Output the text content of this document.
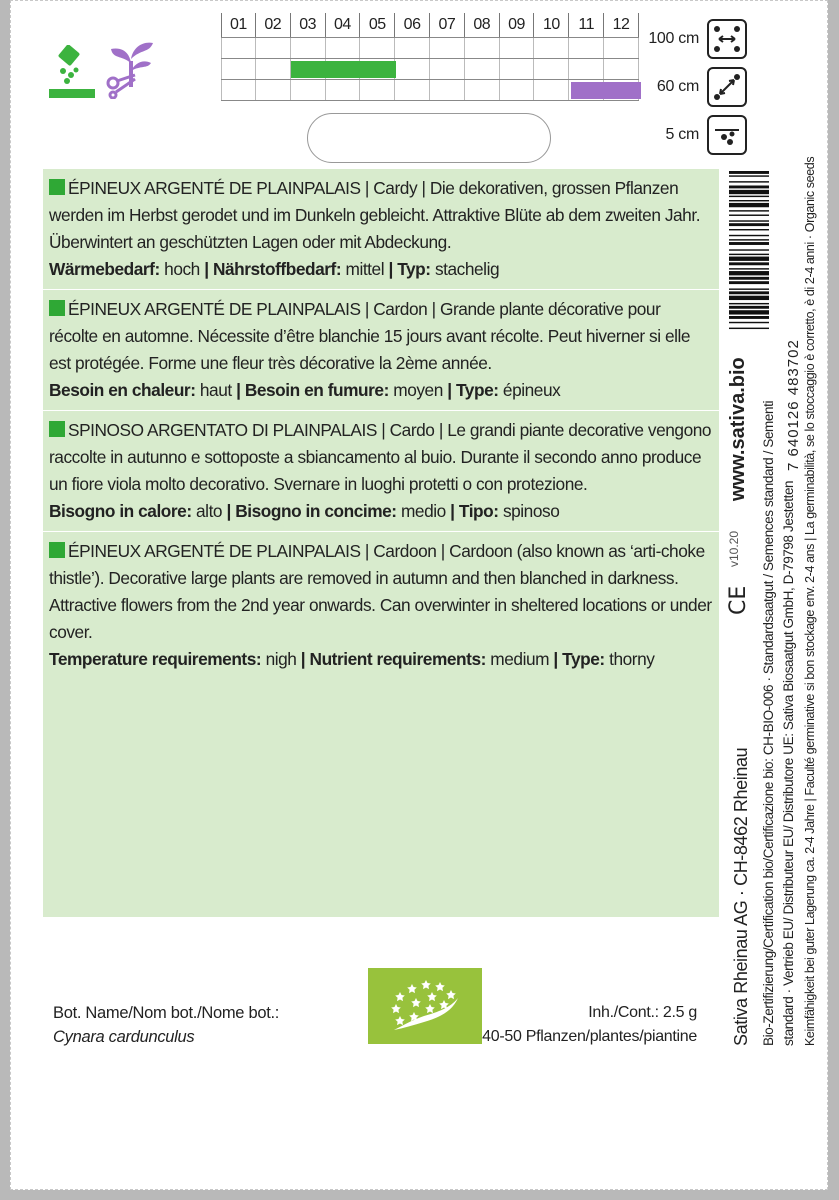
01	02	03	04	05	06	07	08	09	10	11	12
100 cm
60 cm
5 cm
ÉPINEUX ARGENTÉ DE PLAINPALAIS | Cardy | Die dekorativen, grossen Pflanzen werden im Herbst gerodet und im Dunkeln gebleicht. Attraktive Blüte ab dem zweiten Jahr. Überwintert an geschützten Lagen oder mit Abdeckung.
Wärmebedarf: hoch | Nährstoffbedarf: mittel | Typ: stachelig
ÉPINEUX ARGENTÉ DE PLAINPALAIS | Cardon | Grande plante décorative pour récolte en automne. Nécessite d’être blanchie 15 jours avant récolte. Peut hiverner si elle est protégée. Forme une fleur très décorative la 2ème année.
Besoin en chaleur: haut | Besoin en fumure: moyen | Type: épineux
SPINOSO ARGENTATO DI PLAINPALAIS | Cardo | Le grandi piante decorative vengono raccolte in autunno e sottoposte a sbiancamento al buio. Durante il secondo anno produce un fiore viola molto decorativo. Svernare in luoghi protetti o con protezione.
Bisogno in calore: alto | Bisogno in concime: medio | Tipo: spinoso
ÉPINEUX ARGENTÉ DE PLAINPALAIS | Cardoon | Cardoon (also known as ‘arti-choke thistle’). Decorative large plants are removed in autumn and then blanched in darkness. Attractive flowers from the 2nd year onwards. Can overwinter in sheltered locations or under cover.
Temperature requirements: nigh | Nutrient requirements: medium | Type: thorny
Bot. Name/Nom bot./Nome bot.:
Cynara cardunculus
Inh./Cont.: 2.5 g
40-50 Pflanzen/plantes/piantine
7 640126 483702
www.sativa.bio
v10.20
CE
Sativa Rheinau AG · CH-8462 Rheinau Bio-Zertifizierung/Certification bio/Certificazione bio: CH-BIO-006 · Standardsaatgut / Semences standard / Sementi standard · Vertrieb EU/ Distributeur EU/ Distributore UE: Sativa Biosaatgut GmbH, D-79798 Jestetten Keimfähigkeit bei guter Lagerung ca. 2-4 Jahre | Faculté germinative si bon stockage env. 2-4 ans | La germinabilità, se lo stoccaggio è corretto, è di 2-4 anni · Organic seeds
